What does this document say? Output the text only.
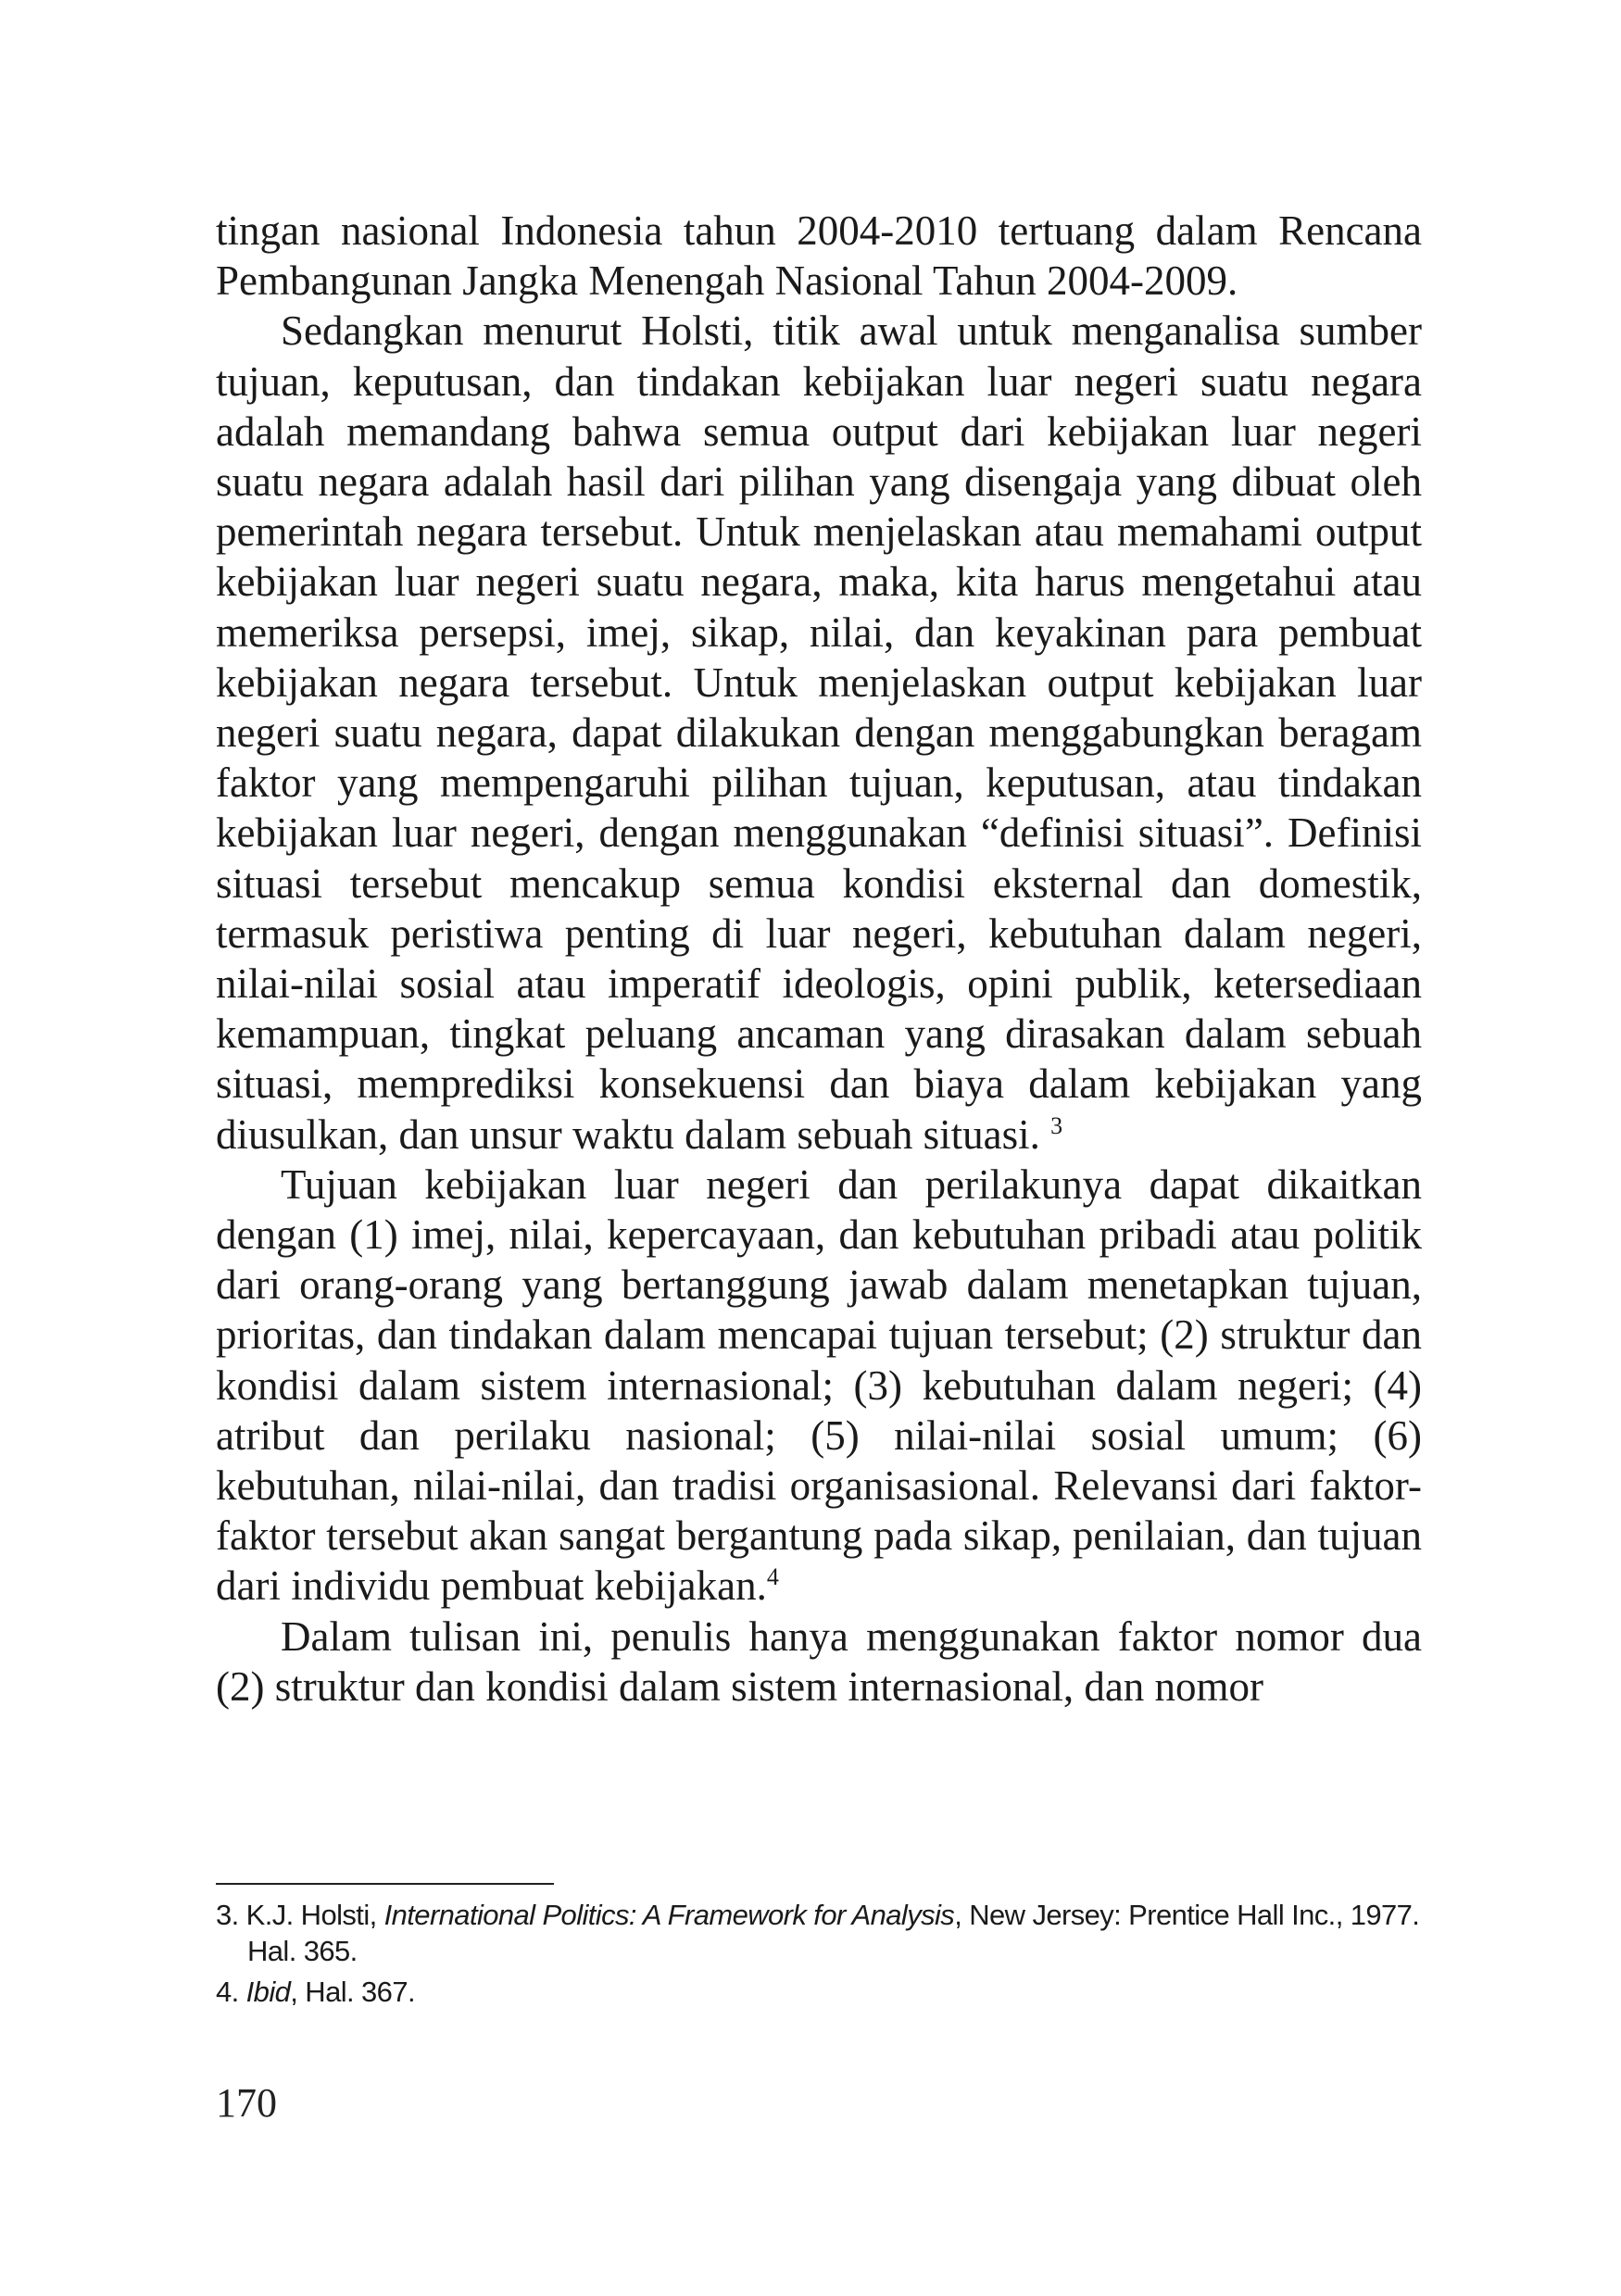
tingan nasional Indonesia tahun 2004-2010 tertuang dalam Rencana Pembangunan Jangka Menengah Nasional Tahun 2004-2009.

Sedangkan menurut Holsti, titik awal untuk menganalisa sumber tujuan, keputusan, dan tindakan kebijakan luar negeri suatu negara adalah memandang bahwa semua output dari kebijakan luar negeri suatu negara adalah hasil dari pilihan yang disengaja yang dibuat oleh pemerintah negara tersebut. Untuk menjelaskan atau memahami output kebijakan luar negeri suatu negara, maka, kita harus mengetahui atau memeriksa persepsi, imej, sikap, nilai, dan keyakinan para pembuat kebijakan negara tersebut. Untuk menjelaskan output kebijakan luar negeri suatu negara, dapat dilakukan dengan menggabungkan beragam faktor yang mempengaruhi pilihan tujuan, keputusan, atau tindakan kebijakan luar negeri, dengan menggunakan “definisi situasi”. Definisi situasi tersebut mencakup semua kondisi eksternal dan domestik, termasuk peristiwa penting di luar negeri, kebutuhan dalam negeri, nilai-nilai sosial atau imperatif ideologis, opini publik, ketersediaan kemampuan, tingkat peluang ancaman yang dirasakan dalam sebuah situasi, memprediksi konsekuensi dan biaya dalam kebijakan yang diusulkan, dan unsur waktu dalam sebuah situasi. $^3$

Tujuan kebijakan luar negeri dan perilakunya dapat dikaitkan dengan (1) imej, nilai, kepercayaan, dan kebutuhan pribadi atau politik dari orang-orang yang bertanggung jawab dalam menetapkan tujuan, prioritas, dan tindakan dalam mencapai tujuan tersebut; (2) struktur dan kondisi dalam sistem internasional; (3) kebutuhan dalam negeri; (4) atribut dan perilaku nasional; (5) nilai-nilai sosial umum; (6) kebutuhan, nilai-nilai, dan tradisi organisasional. Relevansi dari faktor-faktor tersebut akan sangat bergantung pada sikap, penilaian, dan tujuan dari individu pembuat kebijakan.$^4$

Dalam tulisan ini, penulis hanya menggunakan faktor nomor dua (2) struktur dan kondisi dalam sistem internasional, dan nomor

3. K.J. Holsti, International Politics: A Framework for Analysis, New Jersey: Prentice Hall Inc., 1977. Hal. 365.

4. Ibid, Hal. 367.

170
